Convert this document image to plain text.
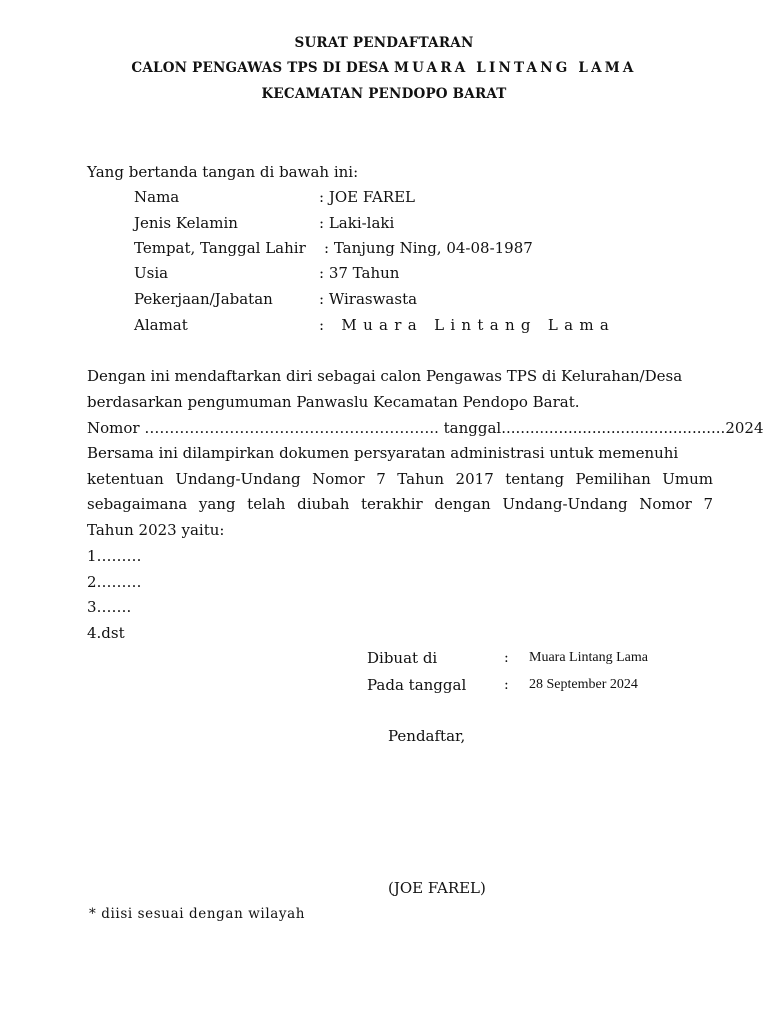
SURAT PENDAFTARAN
CALON PENGAWAS TPS DI DESA MUARA LINTANG LAMA
KECAMATAN PENDOPO BARAT
Yang bertanda tangan di bawah ini:
Nama	: JOE FAREL
Jenis Kelamin	: Laki-laki
Tempat, Tanggal Lahir : Tanjung Ning, 04-08-1987
Usia	: 37 Tahun
Pekerjaan/Jabatan	: Wiraswasta
Alamat	: Muara Lintang Lama
Dengan ini mendaftarkan diri sebagai calon Pengawas TPS di Kelurahan/Desa
berdasarkan pengumuman Panwaslu Kecamatan Pendopo Barat.
Nomor ………………………………………………….. tanggal...............................................2024
Bersama ini dilampirkan dokumen persyaratan administrasi untuk memenuhi
ketentuan Undang-Undang Nomor 7 Tahun 2017 tentang Pemilihan Umum
sebagaimana yang telah diubah terakhir dengan Undang-Undang Nomor 7
Tahun 2023 yaitu:
1………
2………
3…….
4.dst
Dibuat di	: Muara Lintang Lama
Pada tanggal	: 28 September 2024
Pendaftar,
(JOE FAREL)
* diisi sesuai dengan wilayah
